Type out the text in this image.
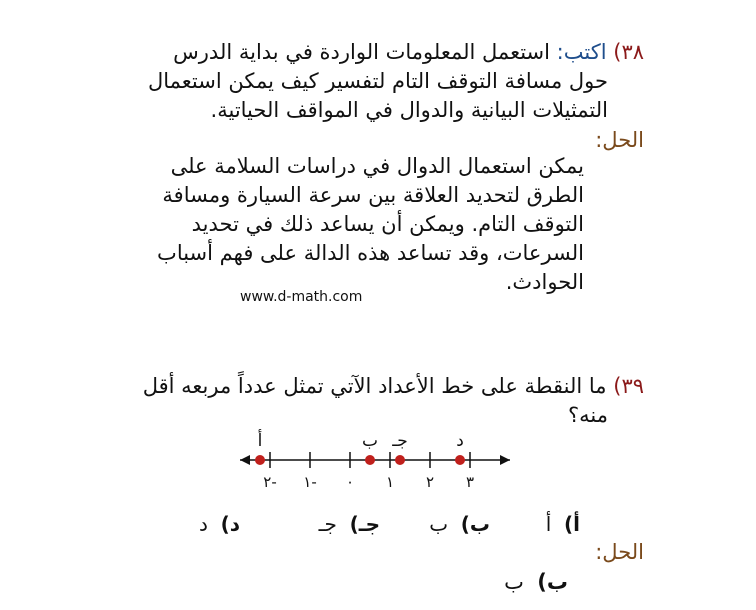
٣٨) اكتب: استعمل المعلومات الواردة في بداية الدرس
حول مسافة التوقف التام لتفسير كيف يمكن استعمال
التمثيلات البيانية والدوال في المواقف الحياتية.
الحل:
يمكن استعمال الدوال في دراسات السلامة على
الطرق لتحديد العلاقة بين سرعة السيارة ومسافة
التوقف التام. ويمكن أن يساعد ذلك في تحديد
السرعات، وقد تساعد هذه الدالة على فهم أسباب
الحوادث.
www.d-math.com
٣٩) ما النقطة على خط الأعداد الآتي تمثل عدداً مربعه أقل
منه؟
٢- ١- ٠ ١ ٢ ٣
أ	ب جـ	د
أ)  أ
ب)  ب
جـ)  جـ
د)  د
الحل:
ب)  ب
